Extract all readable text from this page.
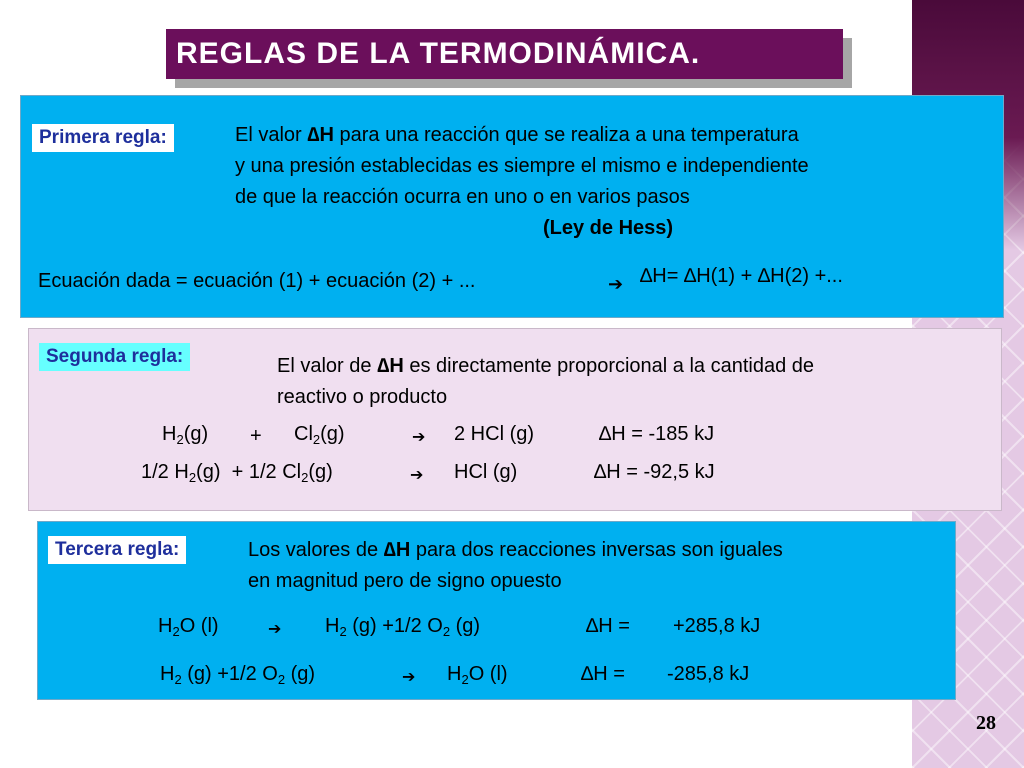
28
REGLAS DE LA TERMODINÁMICA.
Primera regla:	El valor ∆H para una reacción que se realiza a una temperatura
y una presión establecidas es siempre el mismo e independiente
de que la reacción ocurra en uno o en varios pasos
(Ley de Hess)
Ecuación dada = ecuación (1) + ecuación (2) + ...	➔ ∆H= ∆H(1) + ∆H(2) +...
Segunda regla:	El valor de ∆H es directamente proporcional a la cantidad de
reactivo o producto
$H_2(g) + Cl_2(g)$	➔ 2 HCl (g)	∆H = -185 kJ
1/2 $H_2(g) + 1/2$ $Cl_2(g)$	➔ HCl (g)	∆H = -92,5 kJ
Tercera regla:	Los valores de ∆H para dos reacciones inversas son iguales
en magnitud pero de signo opuesto
$H_2O$ (l)	➔ $H_2$ (g) +1/2 $O_2$ (g)	∆H = +285,8 kJ
$H_2$ (g) +1/2 $O_2$ (g)	➔ $H_2O$ (l)	∆H = -285,8 kJ
